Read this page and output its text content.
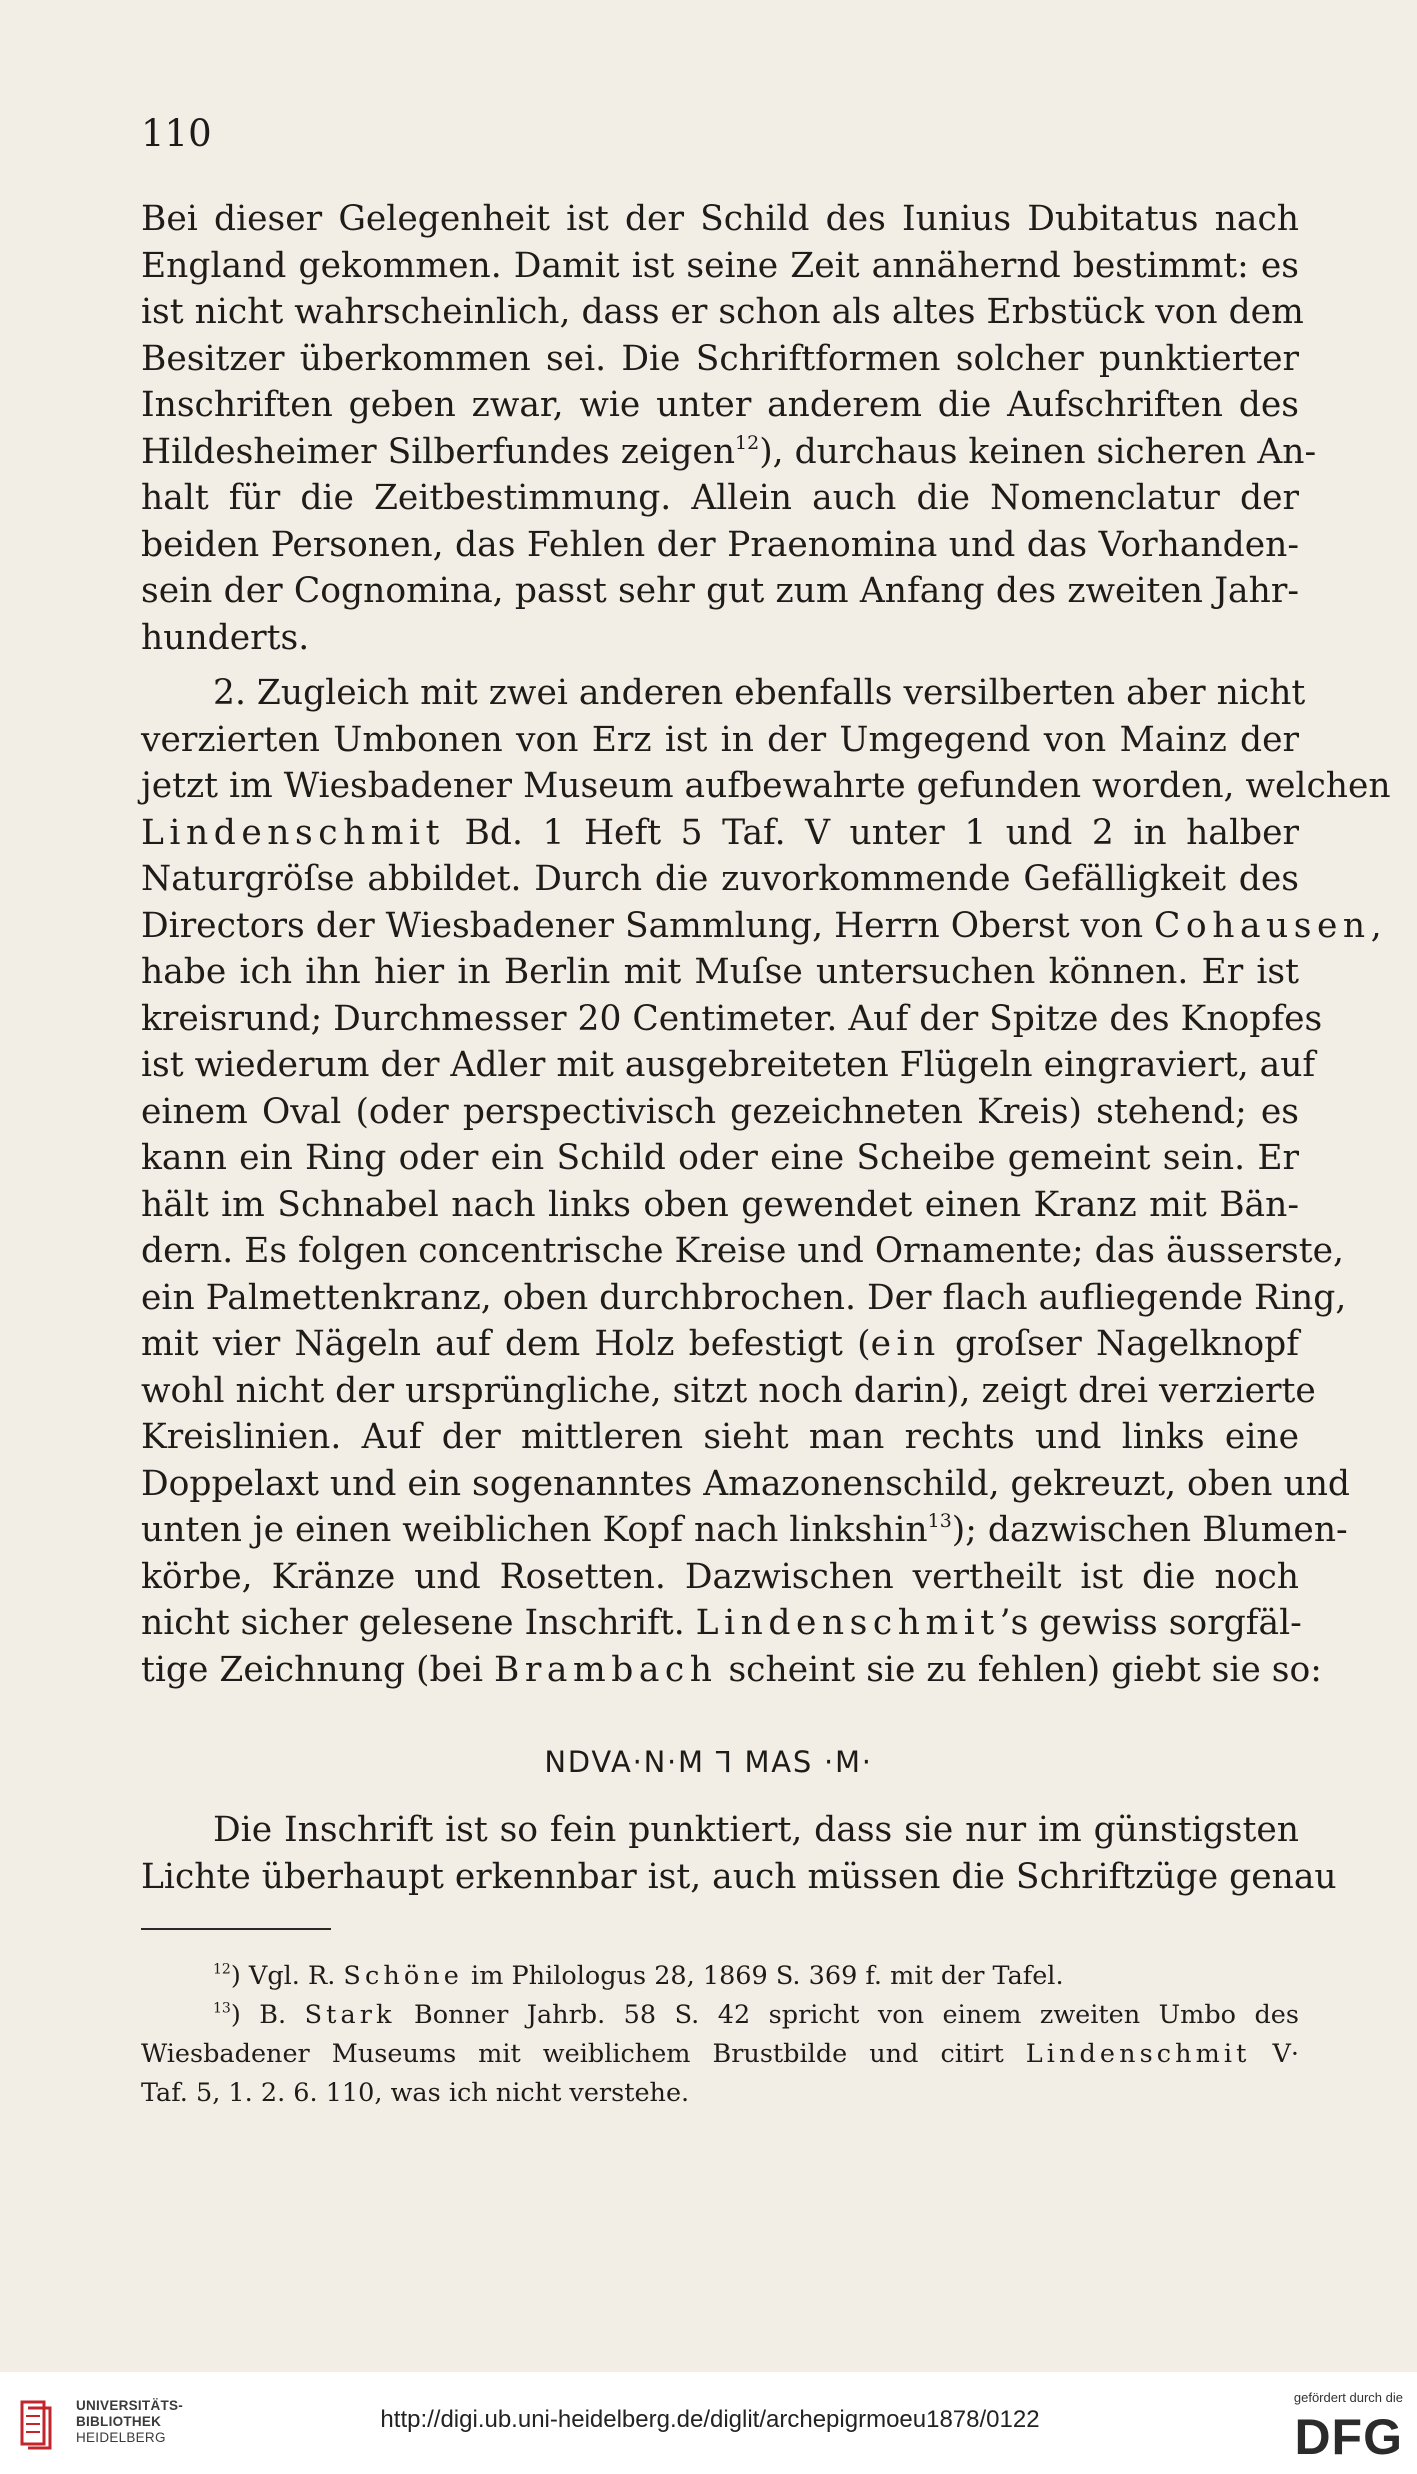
110
Bei dieser Gelegenheit ist der Schild des Iunius Dubitatus nach
England gekommen. Damit ist seine Zeit annähernd bestimmt: es
ist nicht wahrscheinlich, dass er schon als altes Erbstück von dem
Besitzer überkommen sei. Die Schriftformen solcher punktierter
Inschriften geben zwar, wie unter anderem die Aufschriften des
Hildesheimer Silberfundes zeigen$^{12}$), durchaus keinen sicheren An-
halt für die Zeitbestimmung. Allein auch die Nomenclatur der
beiden Personen, das Fehlen der Praenomina und das Vorhanden-
sein der Cognomina, passt sehr gut zum Anfang des zweiten Jahr-
hunderts.
2. Zugleich mit zwei anderen ebenfalls versilberten aber nicht
verzierten Umbonen von Erz ist in der Umgegend von Mainz der
jetzt im Wiesbadener Museum aufbewahrte gefunden worden, welchen
Lindenschmit Bd. 1 Heft 5 Taf. V unter 1 und 2 in halber
Naturgröſse abbildet. Durch die zuvorkommende Gefälligkeit des
Directors der Wiesbadener Sammlung, Herrn Oberst von Cohausen,
habe ich ihn hier in Berlin mit Muſse untersuchen können. Er ist
kreisrund; Durchmesser 20 Centimeter. Auf der Spitze des Knopfes
ist wiederum der Adler mit ausgebreiteten Flügeln eingraviert, auf
einem Oval (oder perspectivisch gezeichneten Kreis) stehend; es
kann ein Ring oder ein Schild oder eine Scheibe gemeint sein. Er
hält im Schnabel nach links oben gewendet einen Kranz mit Bän-
dern. Es folgen concentrische Kreise und Ornamente; das äusserste,
ein Palmettenkranz, oben durchbrochen. Der flach aufliegende Ring,
mit vier Nägeln auf dem Holz befestigt (ein groſser Nagelknopf
wohl nicht der ursprüngliche, sitzt noch darin), zeigt drei verzierte
Kreislinien. Auf der mittleren sieht man rechts und links eine
Doppelaxt und ein sogenanntes Amazonenschild, gekreuzt, oben und
unten je einen weiblichen Kopf nach linkshin$^{13}$); dazwischen Blumen-
körbe, Kränze und Rosetten. Dazwischen vertheilt ist die noch
nicht sicher gelesene Inschrift. Lindenschmit’s gewiss sorgfäl-
tige Zeichnung (bei Brambach scheint sie zu fehlen) giebt sie so:
NDVA·N·M ⅂ MAS ·M·
Die Inschrift ist so fein punktiert, dass sie nur im günstigsten
Lichte überhaupt erkennbar ist, auch müssen die Schriftzüge genau
$^{12}$) Vgl. R. Schöne im Philologus 28, 1869 S. 369 f. mit der Tafel.
$^{13}$) B. Stark Bonner Jahrb. 58 S. 42 spricht von einem zweiten Umbo des
Wiesbadener Museums mit weiblichem Brustbilde und citirt Lindenschmit V·
Taf. 5, 1. 2. 6. 110, was ich nicht verstehe.
UNIVERSITÄTS-
BIBLIOTHEK
HEIDELBERG
http://digi.ub.uni-heidelberg.de/diglit/archepigrmoeu1878/0122
gefördert durch die
DFG
